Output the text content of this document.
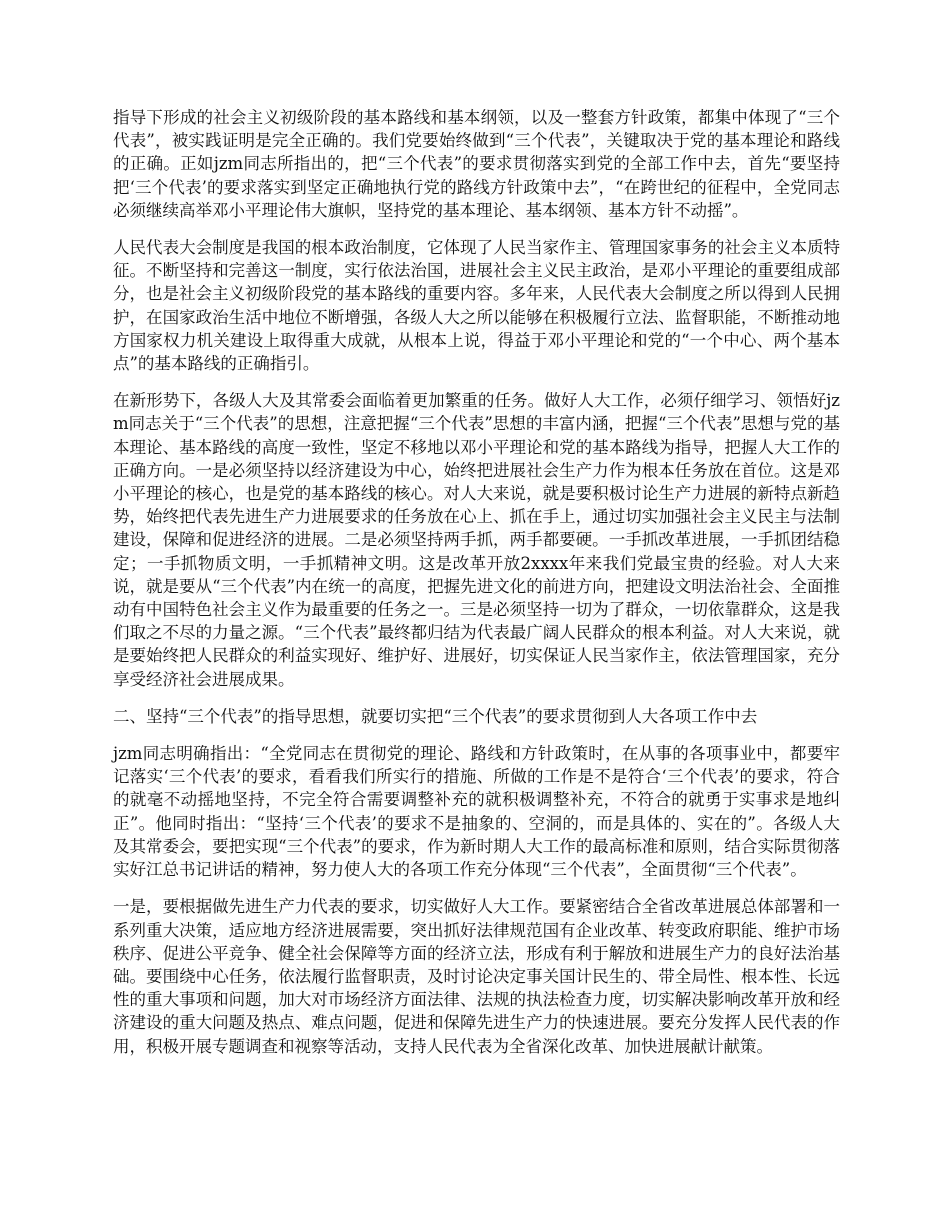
指导下形成的社会主义初级阶段的基本路线和基本纲领，以及一整套方针政策，都集中体现了“三个代表”，被实践证明是完全正确的。我们党要始终做到“三个代表”，关键取决于党的基本理论和路线的正确。正如jzm同志所指出的，把“三个代表”的要求贯彻落实到党的全部工作中去，首先“要坚持把‘三个代表’的要求落实到坚定正确地执行党的路线方针政策中去”，“在跨世纪的征程中，全党同志必须继续高举邓小平理论伟大旗帜，坚持党的基本理论、基本纲领、基本方针不动摇”。

人民代表大会制度是我国的根本政治制度，它体现了人民当家作主、管理国家事务的社会主义本质特征。不断坚持和完善这一制度，实行依法治国，进展社会主义民主政治，是邓小平理论的重要组成部分，也是社会主义初级阶段党的基本路线的重要内容。多年来，人民代表大会制度之所以得到人民拥护，在国家政治生活中地位不断增强，各级人大之所以能够在积极履行立法、监督职能，不断推动地方国家权力机关建设上取得重大成就，从根本上说，得益于邓小平理论和党的“一个中心、两个基本点”的基本路线的正确指引。

在新形势下，各级人大及其常委会面临着更加繁重的任务。做好人大工作，必须仔细学习、领悟好jzm同志关于“三个代表”的思想，注意把握“三个代表”思想的丰富内涵，把握“三个代表”思想与党的基本理论、基本路线的高度一致性，坚定不移地以邓小平理论和党的基本路线为指导，把握人大工作的正确方向。一是必须坚持以经济建设为中心，始终把进展社会生产力作为根本任务放在首位。这是邓小平理论的核心，也是党的基本路线的核心。对人大来说，就是要积极讨论生产力进展的新特点新趋势，始终把代表先进生产力进展要求的任务放在心上、抓在手上，通过切实加强社会主义民主与法制建设，保障和促进经济的进展。二是必须坚持两手抓，两手都要硬。一手抓改革进展，一手抓团结稳定；一手抓物质文明，一手抓精神文明。这是改革开放2xxxx年来我们党最宝贵的经验。对人大来说，就是要从“三个代表”内在统一的高度，把握先进文化的前进方向，把建设文明法治社会、全面推动有中国特色社会主义作为最重要的任务之一。三是必须坚持一切为了群众，一切依靠群众，这是我们取之不尽的力量之源。“三个代表”最终都归结为代表最广阔人民群众的根本利益。对人大来说，就是要始终把人民群众的利益实现好、维护好、进展好，切实保证人民当家作主，依法管理国家，充分享受经济社会进展成果。

二、坚持“三个代表”的指导思想，就要切实把“三个代表”的要求贯彻到人大各项工作中去

jzm同志明确指出：“全党同志在贯彻党的理论、路线和方针政策时，在从事的各项事业中，都要牢记落实‘三个代表’的要求，看看我们所实行的措施、所做的工作是不是符合‘三个代表’的要求，符合的就毫不动摇地坚持，不完全符合需要调整补充的就积极调整补充，不符合的就勇于实事求是地纠正”。他同时指出：“坚持‘三个代表’的要求不是抽象的、空洞的，而是具体的、实在的”。各级人大及其常委会，要把实现“三个代表”的要求，作为新时期人大工作的最高标准和原则，结合实际贯彻落实好江总书记讲话的精神，努力使人大的各项工作充分体现“三个代表”，全面贯彻“三个代表”。

一是，要根据做先进生产力代表的要求，切实做好人大工作。要紧密结合全省改革进展总体部署和一系列重大决策，适应地方经济进展需要，突出抓好法律规范国有企业改革、转变政府职能、维护市场秩序、促进公平竞争、健全社会保障等方面的经济立法，形成有利于解放和进展生产力的良好法治基础。要围绕中心任务，依法履行监督职责，及时讨论决定事关国计民生的、带全局性、根本性、长远性的重大事项和问题，加大对市场经济方面法律、法规的执法检查力度，切实解决影响改革开放和经济建设的重大问题及热点、难点问题，促进和保障先进生产力的快速进展。要充分发挥人民代表的作用，积极开展专题调查和视察等活动，支持人民代表为全省深化改革、加快进展献计献策。
